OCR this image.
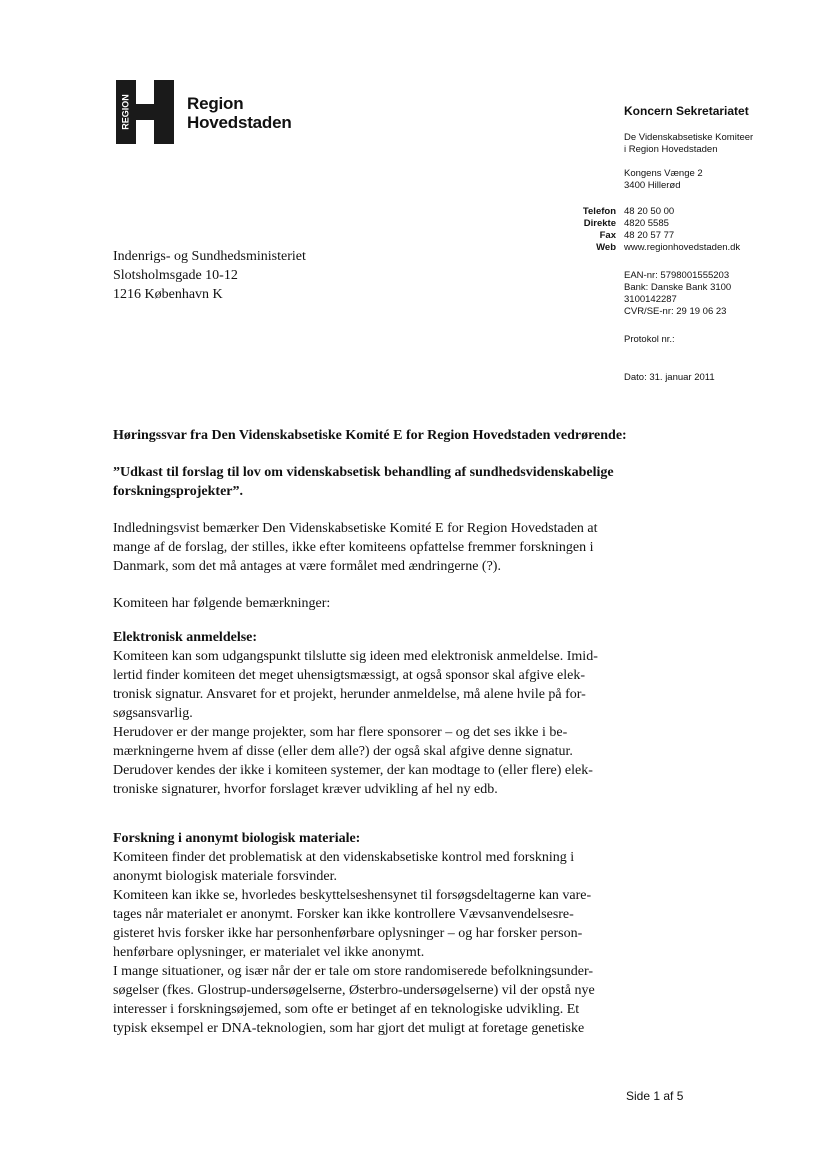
REGION	Region
Hovedstaden
Koncern Sekretariatet
De Videnskabsetiske Komiteer
i Region Hovedstaden
Kongens Vænge 2
3400 Hillerød
Telefon
Direkte
Fax
Web
48 20 50 00
4820 5585
48 20 57 77
www.regionhovedstaden.dk
EAN-nr: 5798001555203
Bank: Danske Bank 3100
3100142287
CVR/SE-nr: 29 19 06 23
Protokol nr.:
Dato: 31. januar 2011
Indenrigs- og Sundhedsministeriet
Slotsholmsgade 10-12
1216 København K
Høringssvar fra Den Videnskabsetiske Komité E for Region Hovedstaden vedrørende:
”Udkast til forslag til lov om videnskabsetisk behandling af sundhedsvidenskabelige
forskningsprojekter”.
Indledningsvist bemærker Den Videnskabsetiske Komité E for Region Hovedstaden at
mange af de forslag, der stilles, ikke efter komiteens opfattelse fremmer forskningen i
Danmark, som det må antages at være formålet med ændringerne (?).
Komiteen har følgende bemærkninger:
Elektronisk anmeldelse:
Komiteen kan som udgangspunkt tilslutte sig ideen med elektronisk anmeldelse. Imid-
lertid finder komiteen det meget uhensigtsmæssigt, at også sponsor skal afgive elek-
tronisk signatur. Ansvaret for et projekt, herunder anmeldelse, må alene hvile på for-
søgsansvarlig.
Herudover er der mange projekter, som har flere sponsorer – og det ses ikke i be-
mærkningerne hvem af disse (eller dem alle?) der også skal afgive denne signatur.
Derudover kendes der ikke i komiteen systemer, der kan modtage to (eller flere) elek-
troniske signaturer, hvorfor forslaget kræver udvikling af hel ny edb.
Forskning i anonymt biologisk materiale:
Komiteen finder det problematisk at den videnskabsetiske kontrol med forskning i
anonymt biologisk materiale forsvinder.
Komiteen kan ikke se, hvorledes beskyttelseshensynet til forsøgsdeltagerne kan vare-
tages når materialet er anonymt. Forsker kan ikke kontrollere Vævsanvendelsesre-
gisteret hvis forsker ikke har personhenførbare oplysninger – og har forsker person-
henførbare oplysninger, er materialet vel ikke anonymt.
I mange situationer, og især når der er tale om store randomiserede befolkningsunder-
søgelser (fkes. Glostrup-undersøgelserne, Østerbro-undersøgelserne) vil der opstå nye
interesser i forskningsøjemed, som ofte er betinget af en teknologiske udvikling. Et
typisk eksempel er DNA-teknologien, som har gjort det muligt at foretage genetiske
Side 1 af 5
